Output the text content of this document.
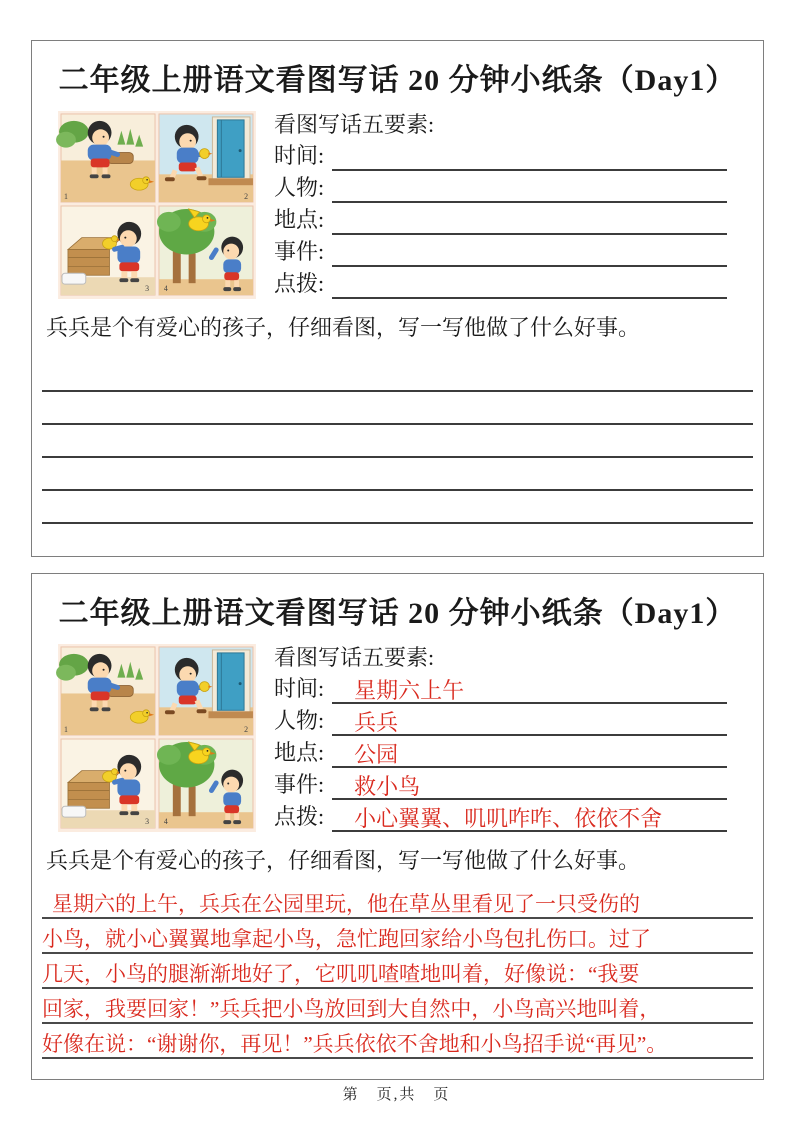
二年级上册语文看图写话 20 分钟小纸条（Day1）
看图写话五要素:
时间:
人物:
地点:
事件:
点拨:

兵兵是个有爱心的孩子，仔细看图，写一写他做了什么好事。

二年级上册语文看图写话 20 分钟小纸条（Day1）
看图写话五要素:
时间:	星期六上午
人物:	兵兵
地点:	公园
事件:	救小鸟
点拨:	小心翼翼、叽叽咋咋、依依不舍

兵兵是个有爱心的孩子，仔细看图，写一写他做了什么好事。

星期六的上午，兵兵在公园里玩，他在草丛里看见了一只受伤的
小鸟，就小心翼翼地拿起小鸟，急忙跑回家给小鸟包扎伤口。过了
几天，小鸟的腿渐渐地好了，它叽叽喳喳地叫着，好像说：“我要
回家，我要回家！”兵兵把小鸟放回到大自然中，小鸟高兴地叫着，
好像在说：“谢谢你，再见！”兵兵依依不舍地和小鸟招手说“再见”。
第　页,共　页
